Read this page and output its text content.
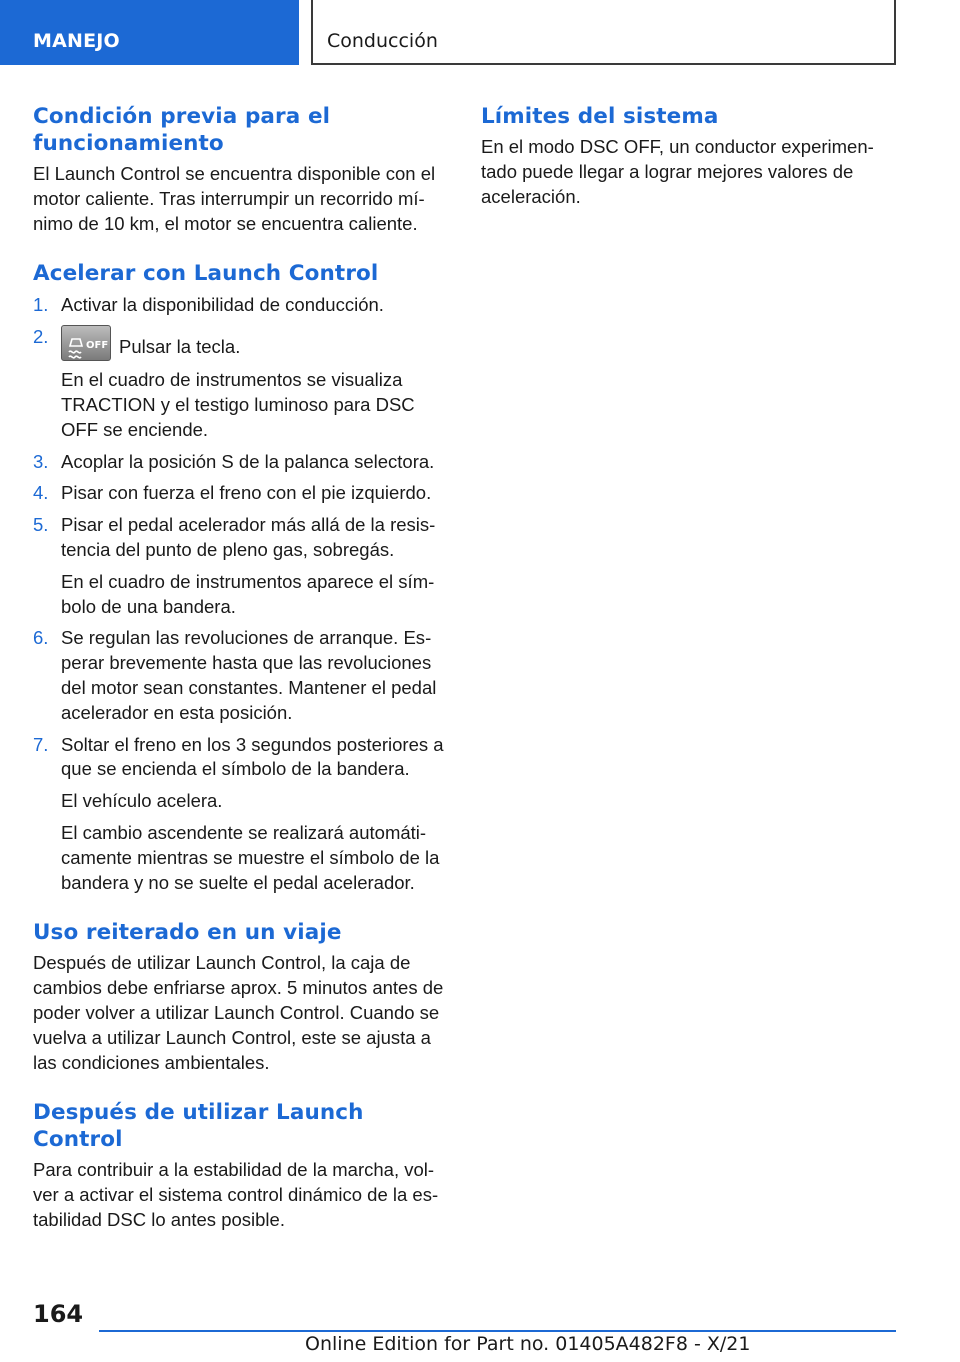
MANEJO	Conducción
Condición previa para el funcionamiento

El Launch Control se encuentra disponible con el motor caliente. Tras interrumpir un recorrido mínimo de 10 km, el motor se encuentra caliente.

Acelerar con Launch Control
1. Activar la disponibilidad de conducción.
2.	OFF Pulsar la tecla.
En el cuadro de instrumentos se visualiza TRACTION y el testigo luminoso para DSC OFF se enciende.
3. Acoplar la posición S de la palanca selectora.
4. Pisar con fuerza el freno con el pie izquierdo.
5. Pisar el pedal acelerador más allá de la resistencia del punto de pleno gas, sobregás.
En el cuadro de instrumentos aparece el símbolo de una bandera.
6. Se regulan las revoluciones de arranque. Esperar brevemente hasta que las revoluciones del motor sean constantes. Mantener el pedal acelerador en esta posición.
7. Soltar el freno en los 3 segundos posteriores a que se encienda el símbolo de la bandera.
El vehículo acelera.
El cambio ascendente se realizará automáticamente mientras se muestre el símbolo de la bandera y no se suelte el pedal acelerador.
Uso reiterado en un viaje

Después de utilizar Launch Control, la caja de cambios debe enfriarse aprox. 5 minutos antes de poder volver a utilizar Launch Control. Cuando se vuelva a utilizar Launch Control, este se ajusta a las condiciones ambientales.

Después de utilizar Launch Control

Para contribuir a la estabilidad de la marcha, volver a activar el sistema control dinámico de la estabilidad DSC lo antes posible.

Límites del sistema

En el modo DSC OFF, un conductor experimentado puede llegar a lograr mejores valores de aceleración.

164
Online Edition for Part no. 01405A482F8 - X/21
